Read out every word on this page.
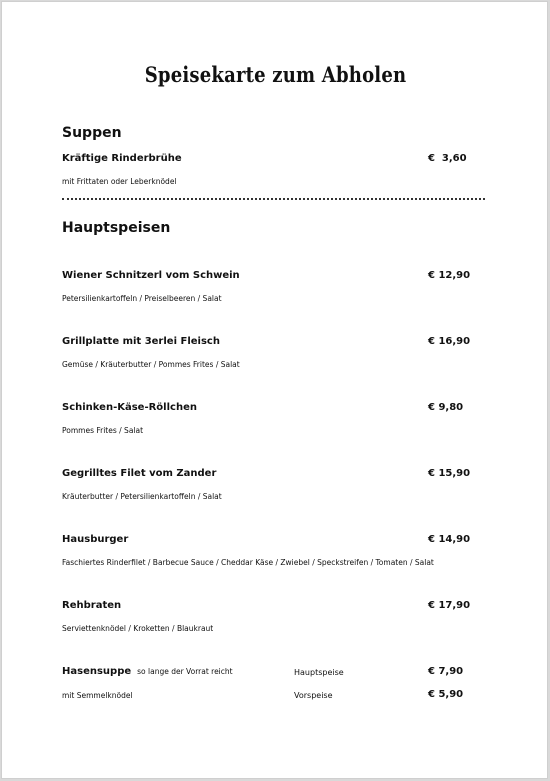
Speisekarte zum Abholen
Suppen
Kräftige Rinderbrühe	€  3,60
mit Frittaten oder Leberknödel
Hauptspeisen
Wiener Schnitzerl vom Schwein	€ 12,90
Petersilienkartoffeln / Preiselbeeren / Salat
Grillplatte mit 3erlei Fleisch	€ 16,90
Gemüse / Kräuterbutter / Pommes Frites / Salat
Schinken-Käse-Röllchen	€ 9,80
Pommes Frites / Salat
Gegrilltes Filet vom Zander	€ 15,90
Kräuterbutter / Petersilienkartoffeln / Salat
Hausburger	€ 14,90
Faschiertes Rinderfilet / Barbecue Sauce / Cheddar Käse / Zwiebel / Speckstreifen / Tomaten / Salat
Rehbraten	€ 17,90
Serviettenknödel / Kroketten / Blaukraut
Hasensuppe so lange der Vorrat reicht	Hauptspeise	€ 7,90
mit Semmelknödel	Vorspeise	€ 5,90
